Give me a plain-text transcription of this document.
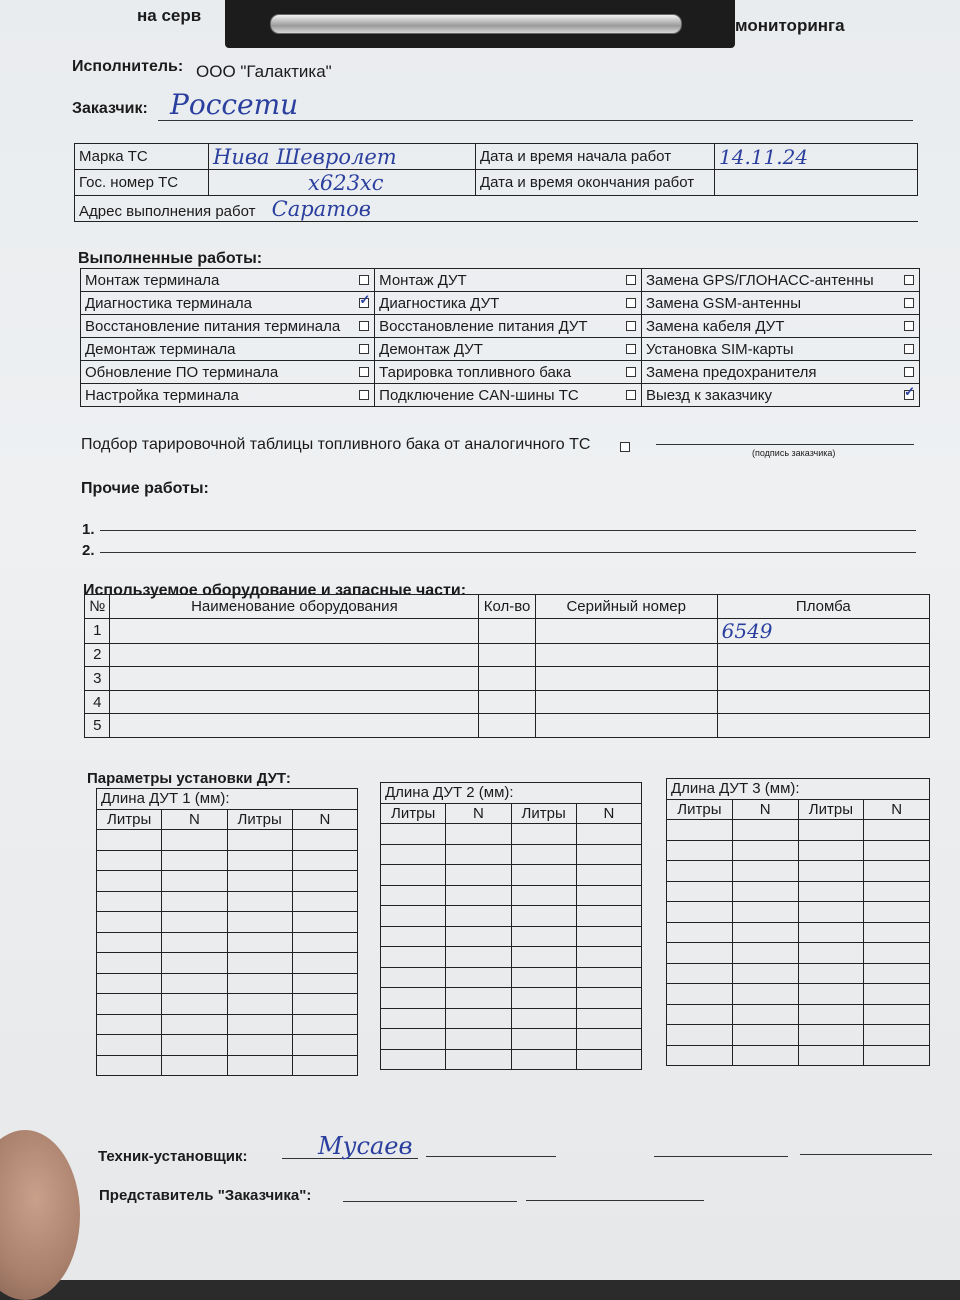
на серв
мониторинга
Исполнитель: ООО "Галактика"
Заказчик: Россети
Марка ТС	Нива Шевролет	Дата и время начала работ	14.11.24
Гос. номер ТС	х623хс	Дата и время окончания работ	
Адрес выполнения работ Саратов			
Выполненные работы:
Монтаж терминала		Монтаж ДУТ		Замена GPS/ГЛОНАСС-антенны	
Диагностика терминала	✓	Диагностика ДУТ		Замена GSM-антенны	
Восстановление питания терминала		Восстановление питания ДУТ		Замена кабеля ДУТ	
Демонтаж терминала		Демонтаж ДУТ		Установка SIM-карты	
Обновление ПО терминала		Тарировка топливного бака		Замена предохранителя	
Настройка терминала		Подключение CAN-шины ТС		Выезд к заказчику	✓
Подбор тарировочной таблицы топливного бака от аналогичного ТС	(подпись заказчика)
Прочие работы:
1.
2.
Используемое оборудование и запасные части:
№	Наименование оборудования	Кол-во	Серийный номер	Пломба
1				6549
2				
3				
4				
5				
Параметры установки ДУТ:
Длина ДУТ 1 (мм):			
Литры	N	Литры	N

Длина ДУТ 2 (мм):			
Литры	N	Литры	N

Длина ДУТ 3 (мм):			
Литры	N	Литры	N

Техник-установщик:	Мусаев
Представитель "Заказчика":
